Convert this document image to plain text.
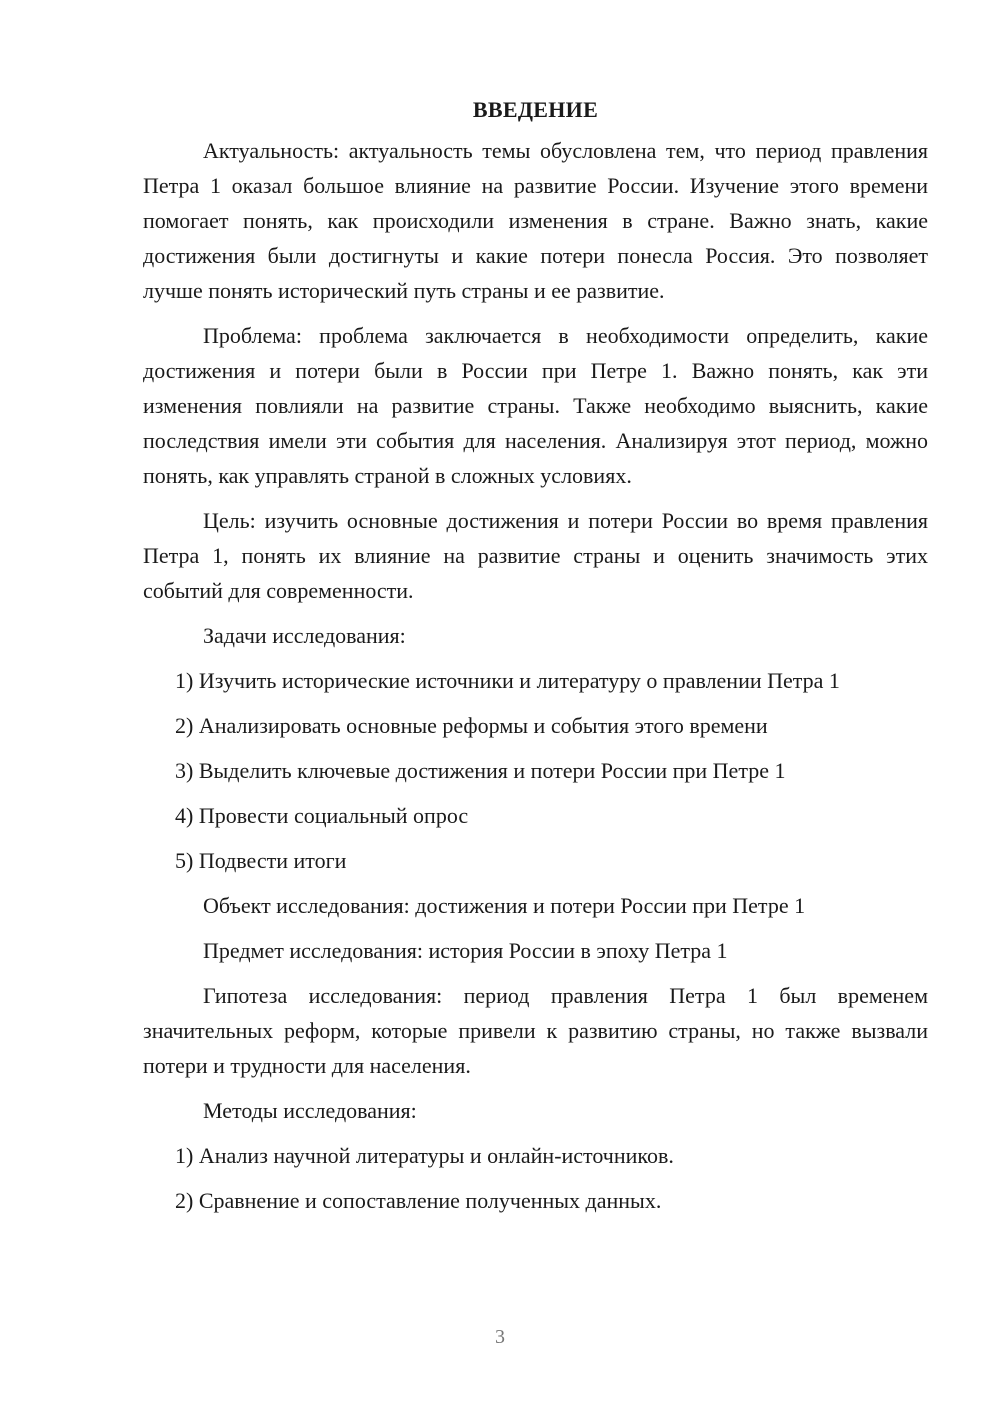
ВВЕДЕНИЕ

Актуальность: актуальность темы обусловлена тем, что период правления Петра 1 оказал большое влияние на развитие России. Изучение этого времени помогает понять, как происходили изменения в стране. Важно знать, какие достижения были достигнуты и какие потери понесла Россия. Это позволяет лучше понять исторический путь страны и ее развитие.

Проблема: проблема заключается в необходимости определить, какие достижения и потери были в России при Петре 1. Важно понять, как эти изменения повлияли на развитие страны. Также необходимо выяснить, какие последствия имели эти события для населения. Анализируя этот период, можно понять, как управлять страной в сложных условиях.

Цель: изучить основные достижения и потери России во время правления Петра 1, понять их влияние на развитие страны и оценить значимость этих событий для современности.

Задачи исследования:

1) Изучить исторические источники и литературу о правлении Петра 1

2) Анализировать основные реформы и события этого времени

3) Выделить ключевые достижения и потери России при Петре 1

4) Провести социальный опрос

5) Подвести итоги

Объект исследования: достижения и потери России при Петре 1

Предмет исследования: история России в эпоху Петра 1

Гипотеза исследования: период правления Петра 1 был временем значительных реформ, которые привели к развитию страны, но также вызвали потери и трудности для населения.

Методы исследования:

1) Анализ научной литературы и онлайн-источников.

2) Сравнение и сопоставление полученных данных.

3
